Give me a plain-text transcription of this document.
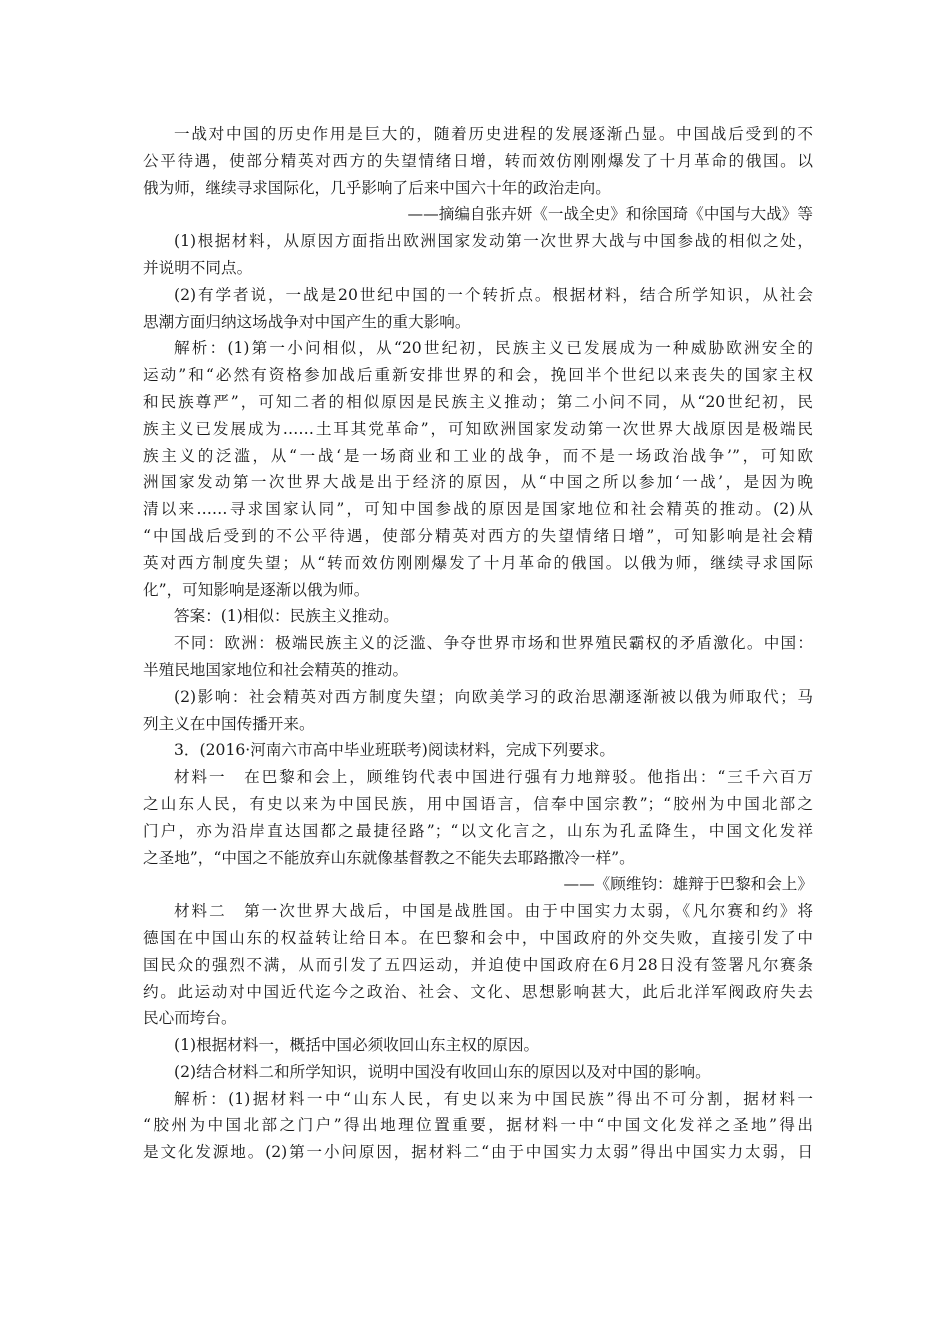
一战对中国的历史作用是巨大的，随着历史进程的发展逐渐凸显。中国战后受到的不
公平待遇，使部分精英对西方的失望情绪日增，转而效仿刚刚爆发了十月革命的俄国。以
俄为师，继续寻求国际化，几乎影响了后来中国六十年的政治走向。
——摘编自张卉妍《一战全史》和徐国琦《中国与大战》等
(1)根据材料，从原因方面指出欧洲国家发动第一次世界大战与中国参战的相似之处，
并说明不同点。
(2)有学者说，一战是20世纪中国的一个转折点。根据材料，结合所学知识，从社会
思潮方面归纳这场战争对中国产生的重大影响。
解析：(1)第一小问相似，从“20世纪初，民族主义已发展成为一种威胁欧洲安全的
运动”和“必然有资格参加战后重新安排世界的和会，挽回半个世纪以来丧失的国家主权
和民族尊严”，可知二者的相似原因是民族主义推动；第二小问不同，从“20世纪初，民
族主义已发展成为……土耳其党革命”，可知欧洲国家发动第一次世界大战原因是极端民
族主义的泛滥，从“一战‘是一场商业和工业的战争，而不是一场政治战争’”，可知欧
洲国家发动第一次世界大战是出于经济的原因，从“中国之所以参加‘一战’，是因为晚
清以来……寻求国家认同”，可知中国参战的原因是国家地位和社会精英的推动。(2)从
“中国战后受到的不公平待遇，使部分精英对西方的失望情绪日增”，可知影响是社会精
英对西方制度失望；从“转而效仿刚刚爆发了十月革命的俄国。以俄为师，继续寻求国际
化”，可知影响是逐渐以俄为师。
答案：(1)相似：民族主义推动。
不同：欧洲：极端民族主义的泛滥、争夺世界市场和世界殖民霸权的矛盾激化。中国：
半殖民地国家地位和社会精英的推动。
(2)影响：社会精英对西方制度失望；向欧美学习的政治思潮逐渐被以俄为师取代；马
列主义在中国传播开来。
3．(2016·河南六市高中毕业班联考)阅读材料，完成下列要求。
材料一　在巴黎和会上，顾维钧代表中国进行强有力地辩驳。他指出：“三千六百万
之山东人民，有史以来为中国民族，用中国语言，信奉中国宗教”；“胶州为中国北部之
门户，亦为沿岸直达国都之最捷径路”；“以文化言之，山东为孔孟降生，中国文化发祥
之圣地”，“中国之不能放弃山东就像基督教之不能失去耶路撒冷一样”。
——《顾维钧：雄辩于巴黎和会上》
材料二　第一次世界大战后，中国是战胜国。由于中国实力太弱，《凡尔赛和约》将
德国在中国山东的权益转让给日本。在巴黎和会中，中国政府的外交失败，直接引发了中
国民众的强烈不满，从而引发了五四运动，并迫使中国政府在6月28日没有签署凡尔赛条
约。此运动对中国近代迄今之政治、社会、文化、思想影响甚大，此后北洋军阀政府失去
民心而垮台。
(1)根据材料一，概括中国必须收回山东主权的原因。
(2)结合材料二和所学知识，说明中国没有收回山东的原因以及对中国的影响。
解析：(1)据材料一中“山东人民，有史以来为中国民族”得出不可分割，据材料一
“胶州为中国北部之门户”得出地理位置重要，据材料一中“中国文化发祥之圣地”得出
是文化发源地。(2)第一小问原因，据材料二“由于中国实力太弱”得出中国实力太弱，日
